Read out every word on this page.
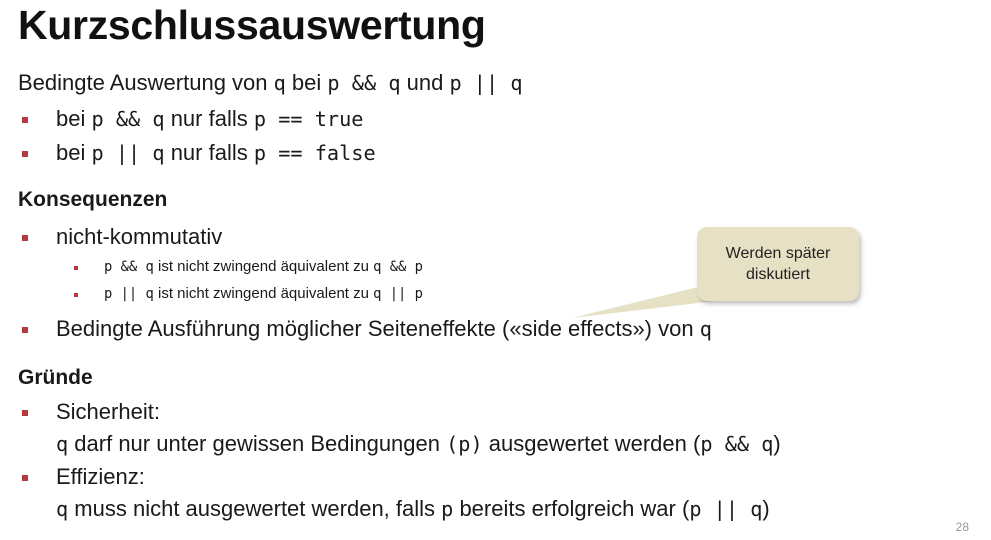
Kurzschlussauswertung
Bedingte Auswertung von q bei p && q und p || q
bei p && q nur falls p == true
bei p || q nur falls p == false
Konsequenzen
nicht-kommutativ
p && q ist nicht zwingend äquivalent zu q && p
p || q ist nicht zwingend äquivalent zu q || p
Bedingte Ausführung möglicher Seiteneffekte («side effects») von q
Werden später
diskutiert
Gründe
Sicherheit:
q darf nur unter gewissen Bedingungen (p) ausgewertet werden (p && q)
Effizienz:
q muss nicht ausgewertet werden, falls p bereits erfolgreich war (p || q)
28
